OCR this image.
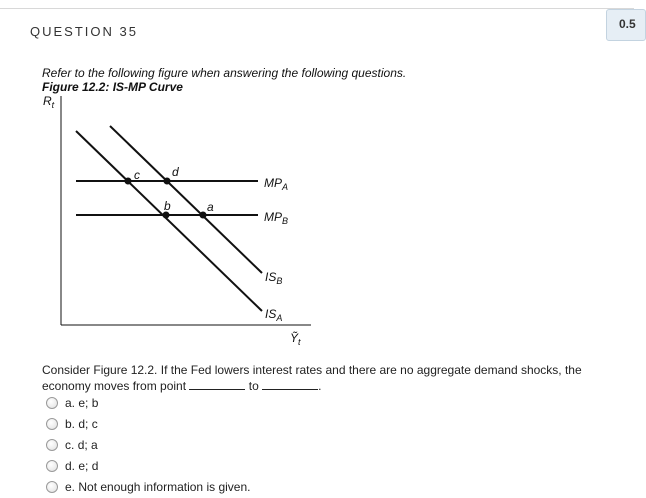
QUESTION 35	0.5
Refer to the following figure when answering the following questions.
Figure 12.2: IS-MP Curve
$R_t$
Ỹ$_t$
$MP_A$
$MP_B$
$IS_B$
$IS_A$
c	d
b	a
Consider Figure 12.2. If the Fed lowers interest rates and there are no aggregate demand shocks, the economy moves from point	to	.
a. e; b
b. d; c
c. d; a
d. e; d
e. Not enough information is given.
